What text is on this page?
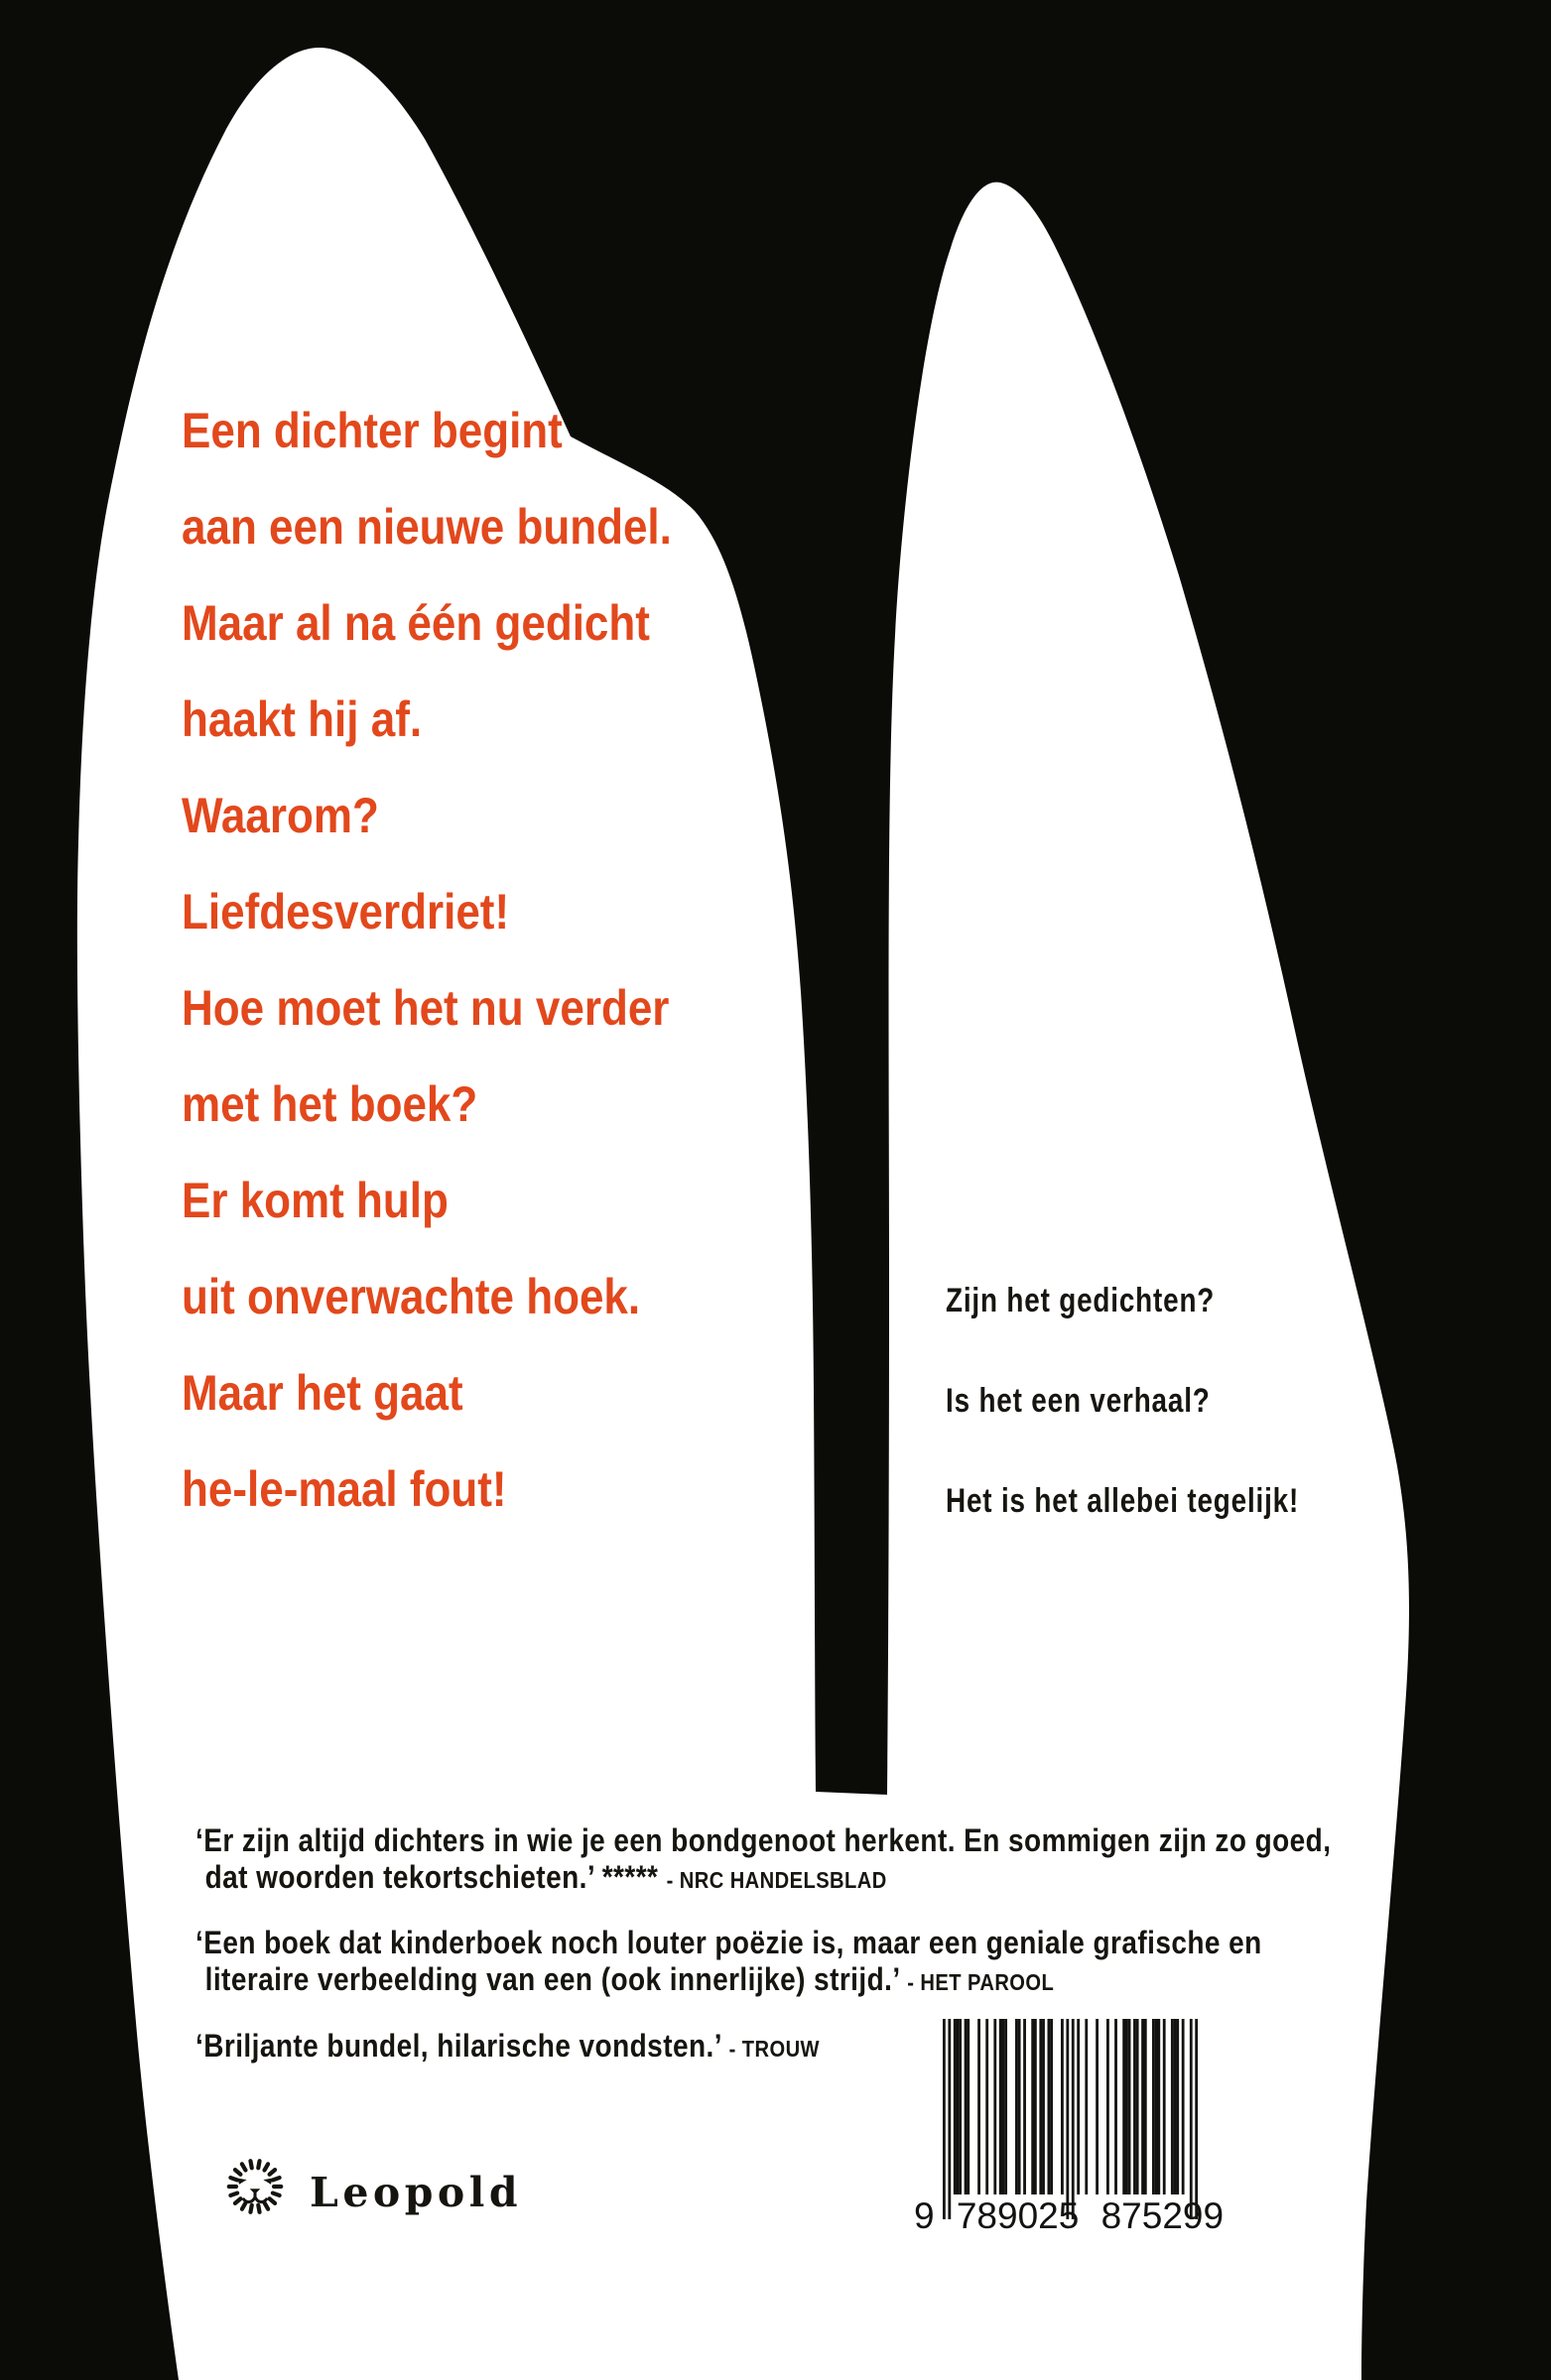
Een dichter begint
aan een nieuwe bundel.
Maar al na één gedicht
haakt hij af.
Waarom?
Liefdesverdriet!
Hoe moet het nu verder
met het boek?
Er komt hulp
uit onverwachte hoek.
Maar het gaat
he-le-maal fout!
Zijn het gedichten?
Is het een verhaal?
Het is het allebei tegelijk!

‘Er zijn altijd dichters in wie je een bondgenoot herkent. En sommigen zijn zo goed,
dat woorden tekortschieten.’ ***** - NRC HANDELSBLAD

‘Een boek dat kinderboek noch louter poëzie is, maar een geniale grafische en
literaire verbeelding van een (ook innerlijke) strijd.’ - HET PAROOL

‘Briljante bundel, hilarische vondsten.’ - TROUW

Leopold	9 789025 875299
